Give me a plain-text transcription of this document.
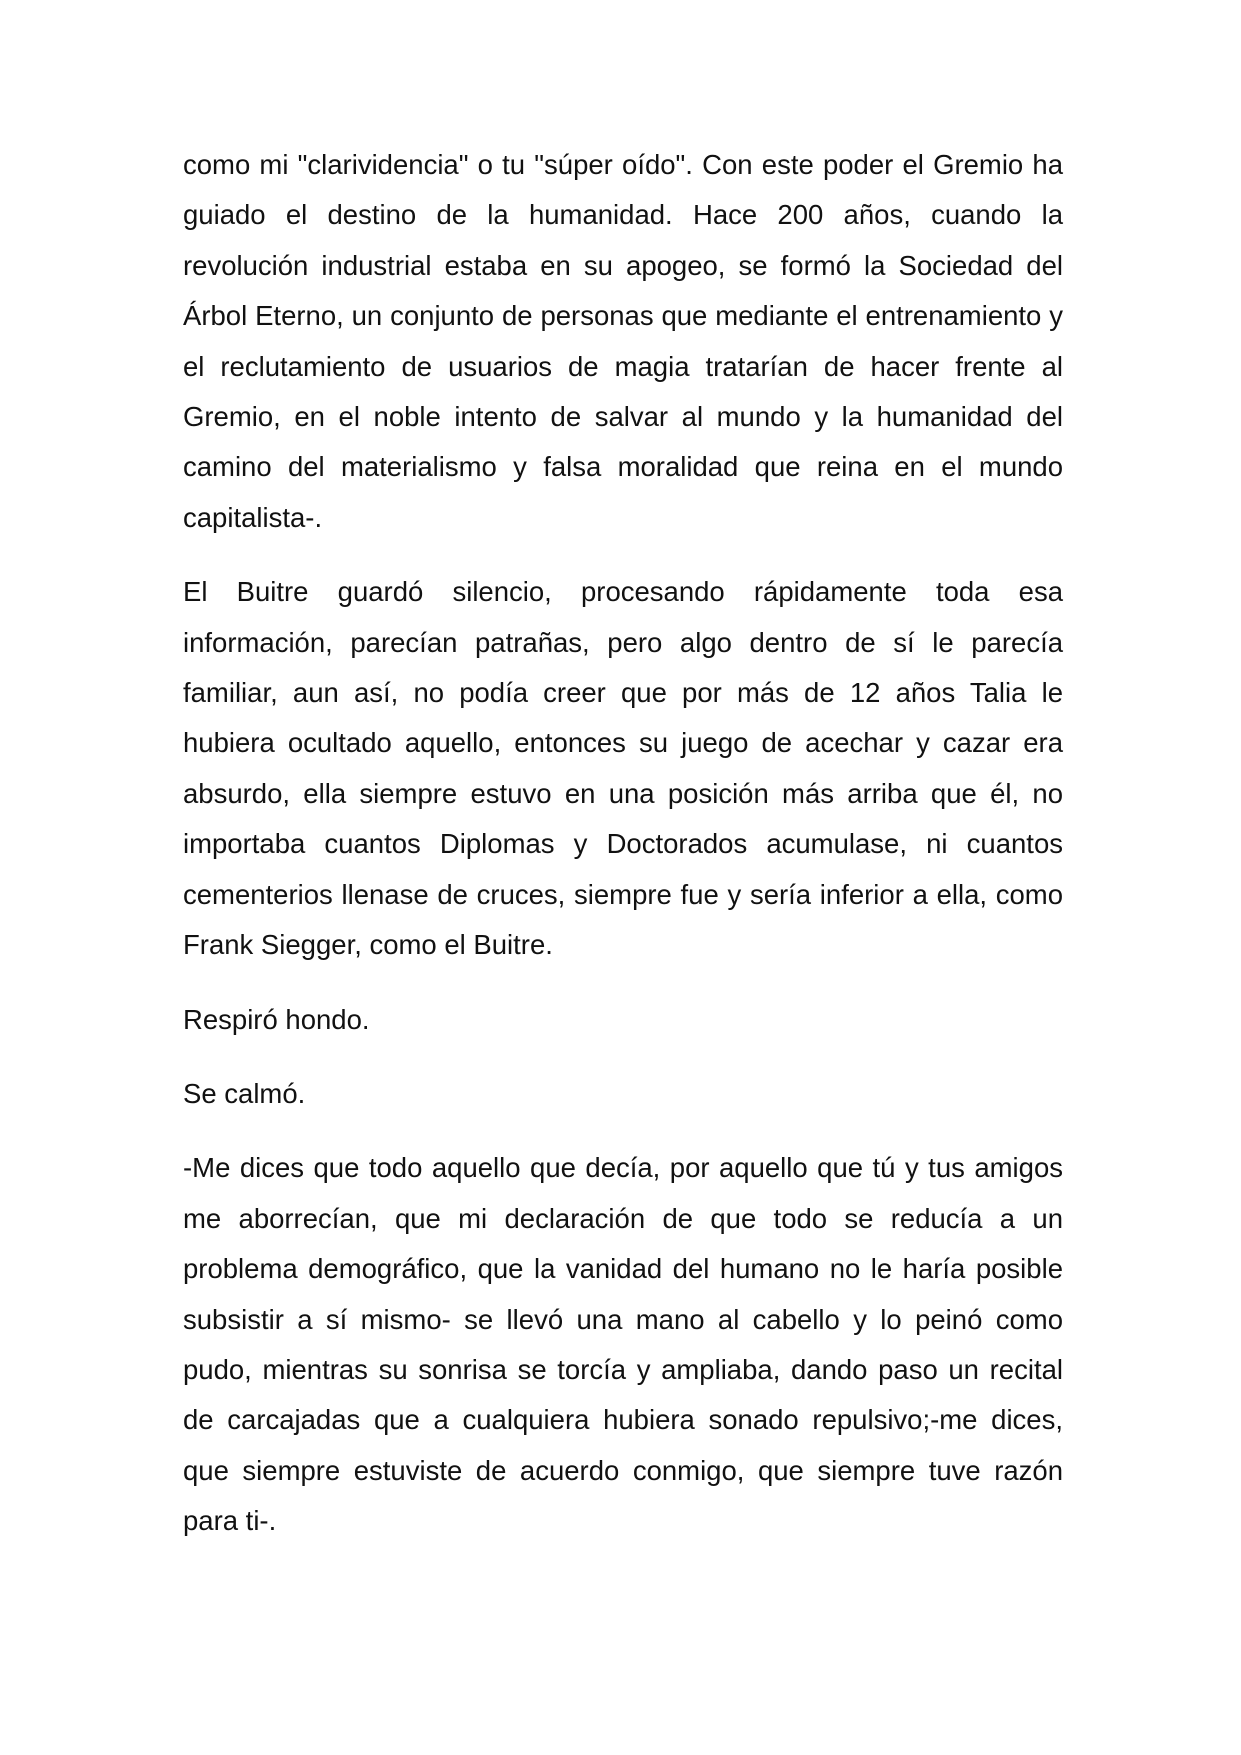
como mi "clarividencia" o tu "súper oído". Con este poder el Gremio ha guiado el destino de la humanidad. Hace 200 años, cuando la revolución industrial estaba en su apogeo, se formó la Sociedad del Árbol Eterno, un conjunto de personas que mediante el entrenamiento y el reclutamiento de usuarios de magia tratarían de hacer frente al Gremio, en el noble intento de salvar al mundo y la humanidad del camino del materialismo y falsa moralidad que reina en el mundo capitalista-.

El Buitre guardó silencio, procesando rápidamente toda esa información, parecían patrañas, pero algo dentro de sí le parecía familiar, aun así, no podía creer que por más de 12 años Talia le hubiera ocultado aquello, entonces su juego de acechar y cazar era absurdo, ella siempre estuvo en una posición más arriba que él, no importaba cuantos Diplomas y Doctorados acumulase, ni cuantos cementerios llenase de cruces, siempre fue y sería inferior a ella, como Frank Siegger, como el Buitre.

Respiró hondo.

Se calmó.

-Me dices que todo aquello que decía, por aquello que tú y tus amigos me aborrecían, que mi declaración de que todo se reducía a un problema demográfico, que la vanidad del humano no le haría posible subsistir a sí mismo- se llevó una mano al cabello y lo peinó como pudo, mientras su sonrisa se torcía y ampliaba, dando paso un recital de carcajadas que a cualquiera hubiera sonado repulsivo;-me dices, que siempre estuviste de acuerdo conmigo, que siempre tuve razón para ti-.
